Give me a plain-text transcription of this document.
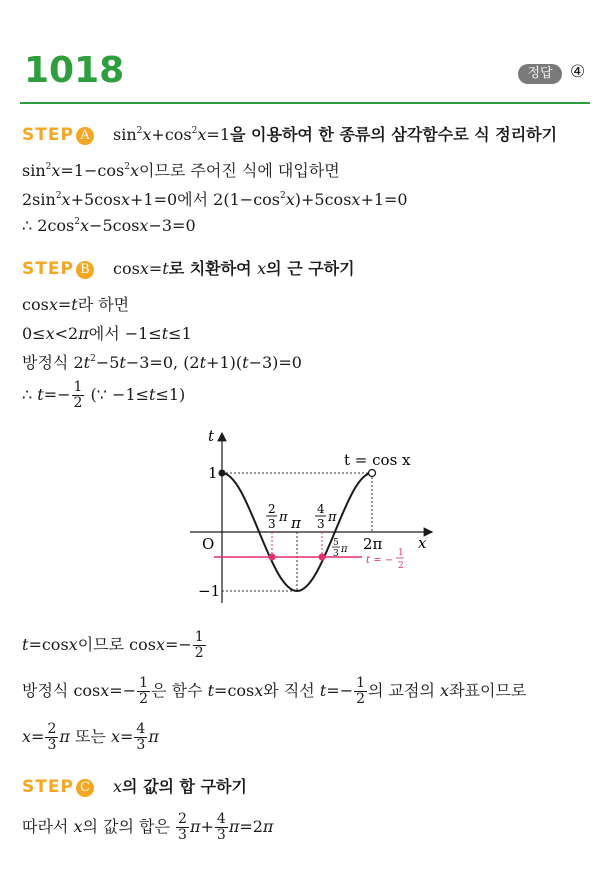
1018	정답	④
STEP A $\sin^2x+\cos^2x=1$을 이용하여 한 종류의 삼각함수로 식 정리하기
$\sin^2x=1-\cos^2x$이므로 주어진 식에 대입하면
$2\sin^2x+5\cos x+1=0$에서 $2(1-\cos^2x)+5\cos x+1=0$
∴ $2\cos^2x-5\cos x-3=0$
STEP B cosx=t로 치환하여 x의 근 구하기
cosx=t라 하면
0≤x<2π에서 −1≤t≤1
방정식 $2t^2-5t-3=0$, (2t+1)(t−3)=0
∴ $t=- \frac{1}{2}$ (∵ −1≤t≤1)
t
x
O
1
−1
t = cos x
2
3 π π
4
3 π
5
3 π 2π
t = −
1
2
t=cosx이므로 $\cos x=- \frac{1}{2}$
방정식 $\cos x=- \frac{1}{2}$ 은 함수 t=cosx와 직선 $t=- \frac{1}{2}$ 의 교점의 x좌표이므로
$x= \frac{2}{3}$ π 또는 $x= \frac{4}{3}$ π
STEP C x의 값의 합 구하기
따라서 x의 값의 합은 $\frac{2}{3} \pi+ \frac{4}{3} \pi=2\pi$
